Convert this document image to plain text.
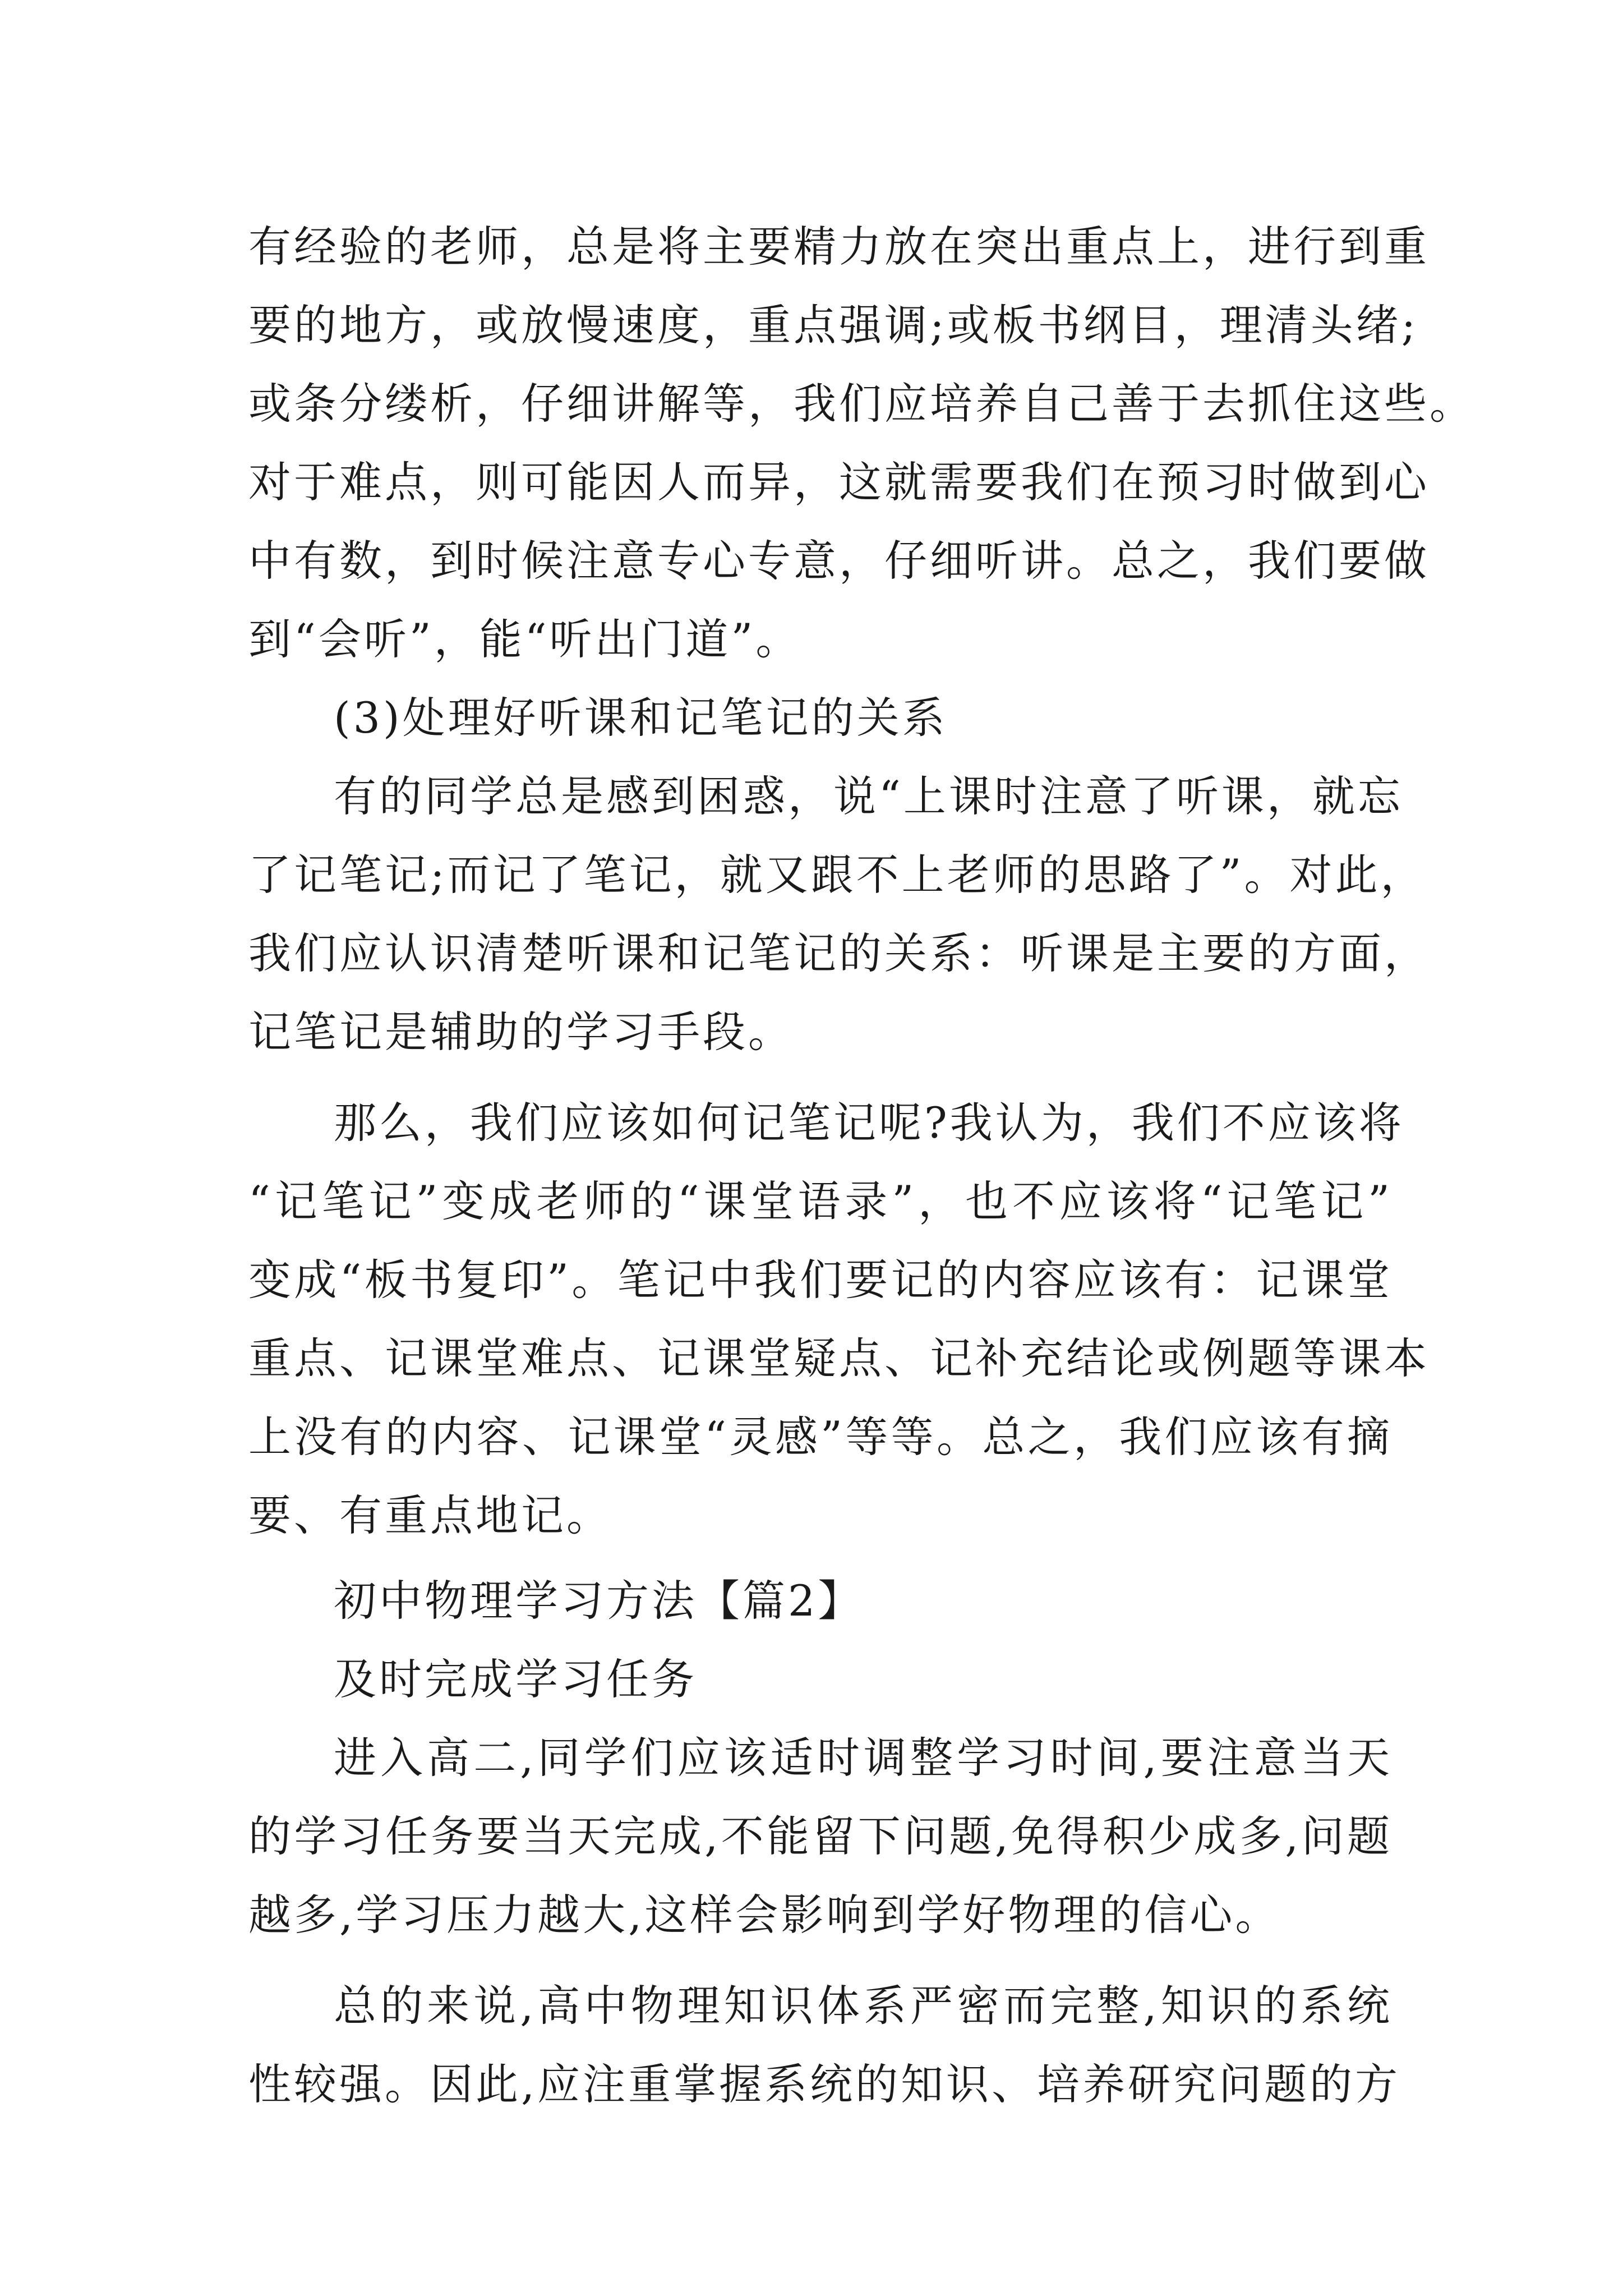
有经验的老师，总是将主要精力放在突出重点上，进行到重
要的地方，或放慢速度，重点强调;或板书纲目，理清头绪;
或条分缕析，仔细讲解等，我们应培养自己善于去抓住这些。
对于难点，则可能因人而异，这就需要我们在预习时做到心
中有数，到时候注意专心专意，仔细听讲。总之，我们要做
到“会听”，能“听出门道”。
(3)处理好听课和记笔记的关系
有的同学总是感到困惑，说“上课时注意了听课，就忘
了记笔记;而记了笔记，就又跟不上老师的思路了”。对此，
我们应认识清楚听课和记笔记的关系：听课是主要的方面，
记笔记是辅助的学习手段。
那么，我们应该如何记笔记呢?我认为，我们不应该将
“记笔记”变成老师的“课堂语录”，也不应该将“记笔记”
变成“板书复印”。笔记中我们要记的内容应该有：记课堂
重点、记课堂难点、记课堂疑点、记补充结论或例题等课本
上没有的内容、记课堂“灵感”等等。总之，我们应该有摘
要、有重点地记。
初中物理学习方法【篇2】
及时完成学习任务
进入高二,同学们应该适时调整学习时间,要注意当天
的学习任务要当天完成,不能留下问题,免得积少成多,问题
越多,学习压力越大,这样会影响到学好物理的信心。
总的来说,高中物理知识体系严密而完整,知识的系统
性较强。因此,应注重掌握系统的知识、培养研究问题的方
